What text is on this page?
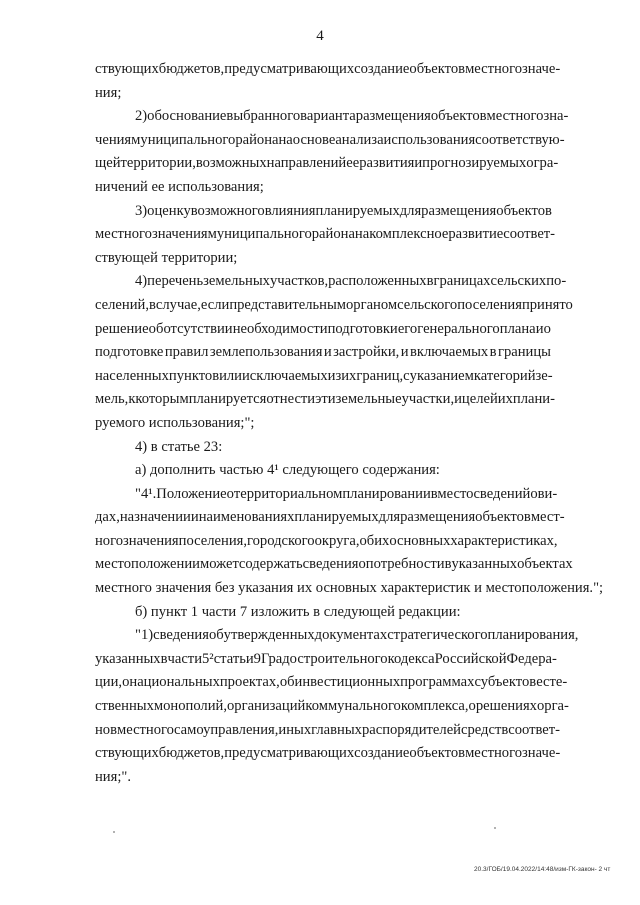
4
ствующих бюджетов, предусматривающих создание объектов местного значе-
ния;
2) обоснование выбранного варианта размещения объектов местного зна-
чения муниципального района на основе анализа использования соответствую-
щей территории, возможных направлений ее развития и прогнозируемых огра-
ничений ее использования;
3) оценку возможного влияния планируемых для размещения объектов
местного значения муниципального района на комплексное развитие соответ-
ствующей территории;
4) перечень земельных участков, расположенных в границах сельских по-
селений, в случае, если представительным органом сельского поселения принято
решение об отсутствии необходимости подготовки его генерального плана и о
подготовке правил землепользования и застройки, и включаемых в границы
населенных пунктов или исключаемых из их границ, с указанием категорий зе-
мель, к которым планируется отнести эти земельные участки, и целей их плани-
руемого использования;";
4) в статье 23:
а) дополнить частью 4¹ следующего содержания:
"4¹. Положение о территориальном планировании вместо сведений о ви-
дах, назначении и наименованиях планируемых для размещения объектов мест-
ного значения поселения, городского округа, об их основных характеристиках,
местоположении может содержать сведения о потребности в указанных объектах
местного значения без указания их основных характеристик и местоположения.";
б) пункт 1 части 7 изложить в следующей редакции:
"1) сведения об утвержденных документах стратегического планирования,
указанных в части 5² статьи 9 Градостроительного кодекса Российской Федера-
ции, о национальных проектах, об инвестиционных программах субъектов есте-
ственных монополий, организаций коммунального комплекса, о решениях орга-
нов местного самоуправления, иных главных распорядителей средств соответ-
ствующих бюджетов, предусматривающих создание объектов местного значе-
ния;".
20.3/ГОБ/19.04.2022/14:48/изм-ГК-закон- 2 чт
